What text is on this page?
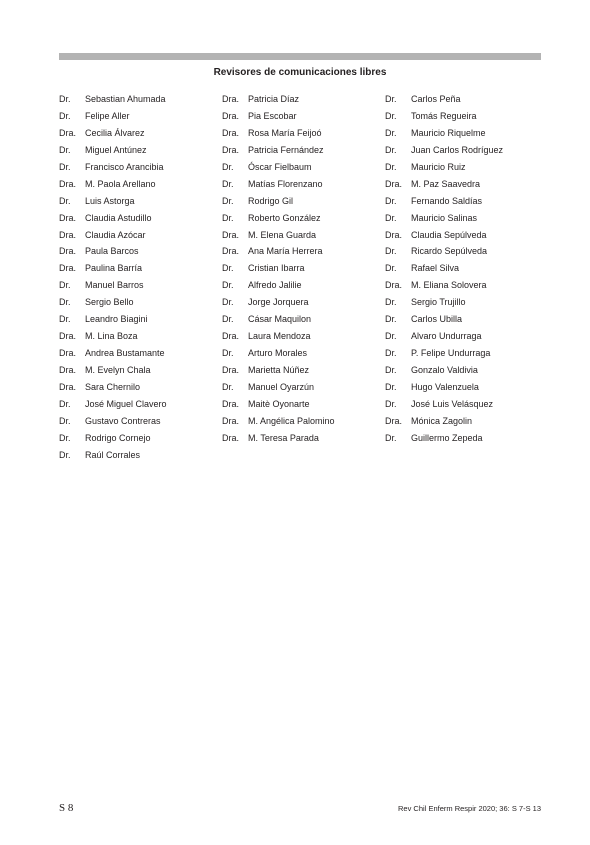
Revisores de comunicaciones libres
Dr. Sebastian Ahumada
Dr. Felipe Aller
Dra. Cecilia Álvarez
Dr. Miguel Antúnez
Dr. Francisco Arancibia
Dra. M. Paola Arellano
Dr. Luis Astorga
Dra. Claudia Astudillo
Dra. Claudia Azócar
Dra. Paula Barcos
Dra. Paulina Barría
Dr. Manuel Barros
Dr. Sergio Bello
Dr. Leandro Biagini
Dra. M. Lina Boza
Dra. Andrea Bustamante
Dra. M. Evelyn Chala
Dra. Sara Chernilo
Dr. José Miguel Clavero
Dr. Gustavo Contreras
Dr. Rodrigo Cornejo
Dr. Raúl Corrales
Dra. Patricia Díaz
Dra. Pia Escobar
Dra. Rosa María Feijoó
Dra. Patricia Fernández
Dr. Óscar Fielbaum
Dr. Matías Florenzano
Dr. Rodrigo Gil
Dr. Roberto González
Dra. M. Elena Guarda
Dra. Ana María Herrera
Dr. Cristian Ibarra
Dr. Alfredo Jalilie
Dr. Jorge Jorquera
Dr. Cásar Maquilon
Dra. Laura Mendoza
Dr. Arturo Morales
Dra. Marietta Núñez
Dr. Manuel Oyarzún
Dra. Maitè Oyonarte
Dra. M. Angélica Palomino
Dra. M. Teresa Parada
Dr. Carlos Peña
Dr. Tomás Regueira
Dr. Mauricio Riquelme
Dr. Juan Carlos Rodríguez
Dr. Mauricio Ruiz
Dra. M. Paz Saavedra
Dr. Fernando Saldías
Dr. Mauricio Salinas
Dra. Claudia Sepúlveda
Dr. Ricardo Sepúlveda
Dr. Rafael Silva
Dra. M. Eliana Solovera
Dr. Sergio Trujillo
Dr. Carlos Ubilla
Dr. Alvaro Undurraga
Dr. P. Felipe Undurraga
Dr. Gonzalo Valdivia
Dr. Hugo Valenzuela
Dr. José Luis Velásquez
Dra. Mónica Zagolin
Dr. Guillermo Zepeda
S 8	Rev Chil Enferm Respir 2020; 36: S 7-S 13
